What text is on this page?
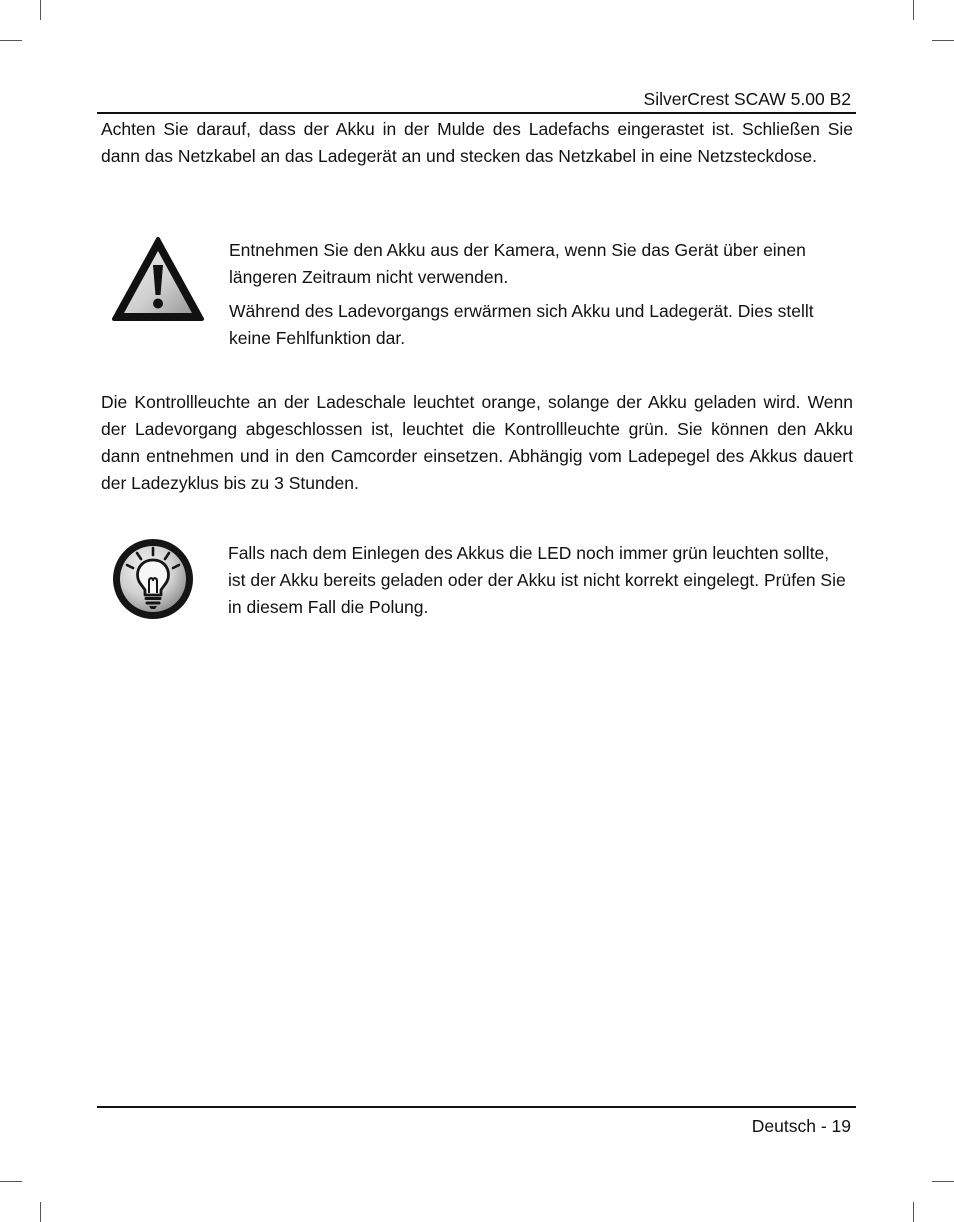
SilverCrest SCAW 5.00 B2

Achten Sie darauf, dass der Akku in der Mulde des Ladefachs eingerastet ist. Schließen Sie dann das Netzkabel an das Ladegerät an und stecken das Netzkabel in eine Netzsteckdose.

Entnehmen Sie den Akku aus der Kamera, wenn Sie das Gerät über einen längeren Zeitraum nicht verwenden.

Während des Ladevorgangs erwärmen sich Akku und Ladegerät. Dies stellt keine Fehlfunktion dar.

Die Kontrollleuchte an der Ladeschale leuchtet orange, solange der Akku geladen wird. Wenn der Ladevorgang abgeschlossen ist, leuchtet die Kontrollleuchte grün. Sie können den Akku dann entnehmen und in den Camcorder einsetzen. Abhängig vom Ladepegel des Akkus dauert der Ladezyklus bis zu 3 Stunden.

Falls nach dem Einlegen des Akkus die LED noch immer grün leuchten sollte, ist der Akku bereits geladen oder der Akku ist nicht korrekt eingelegt. Prüfen Sie in diesem Fall die Polung.

Deutsch - 19
